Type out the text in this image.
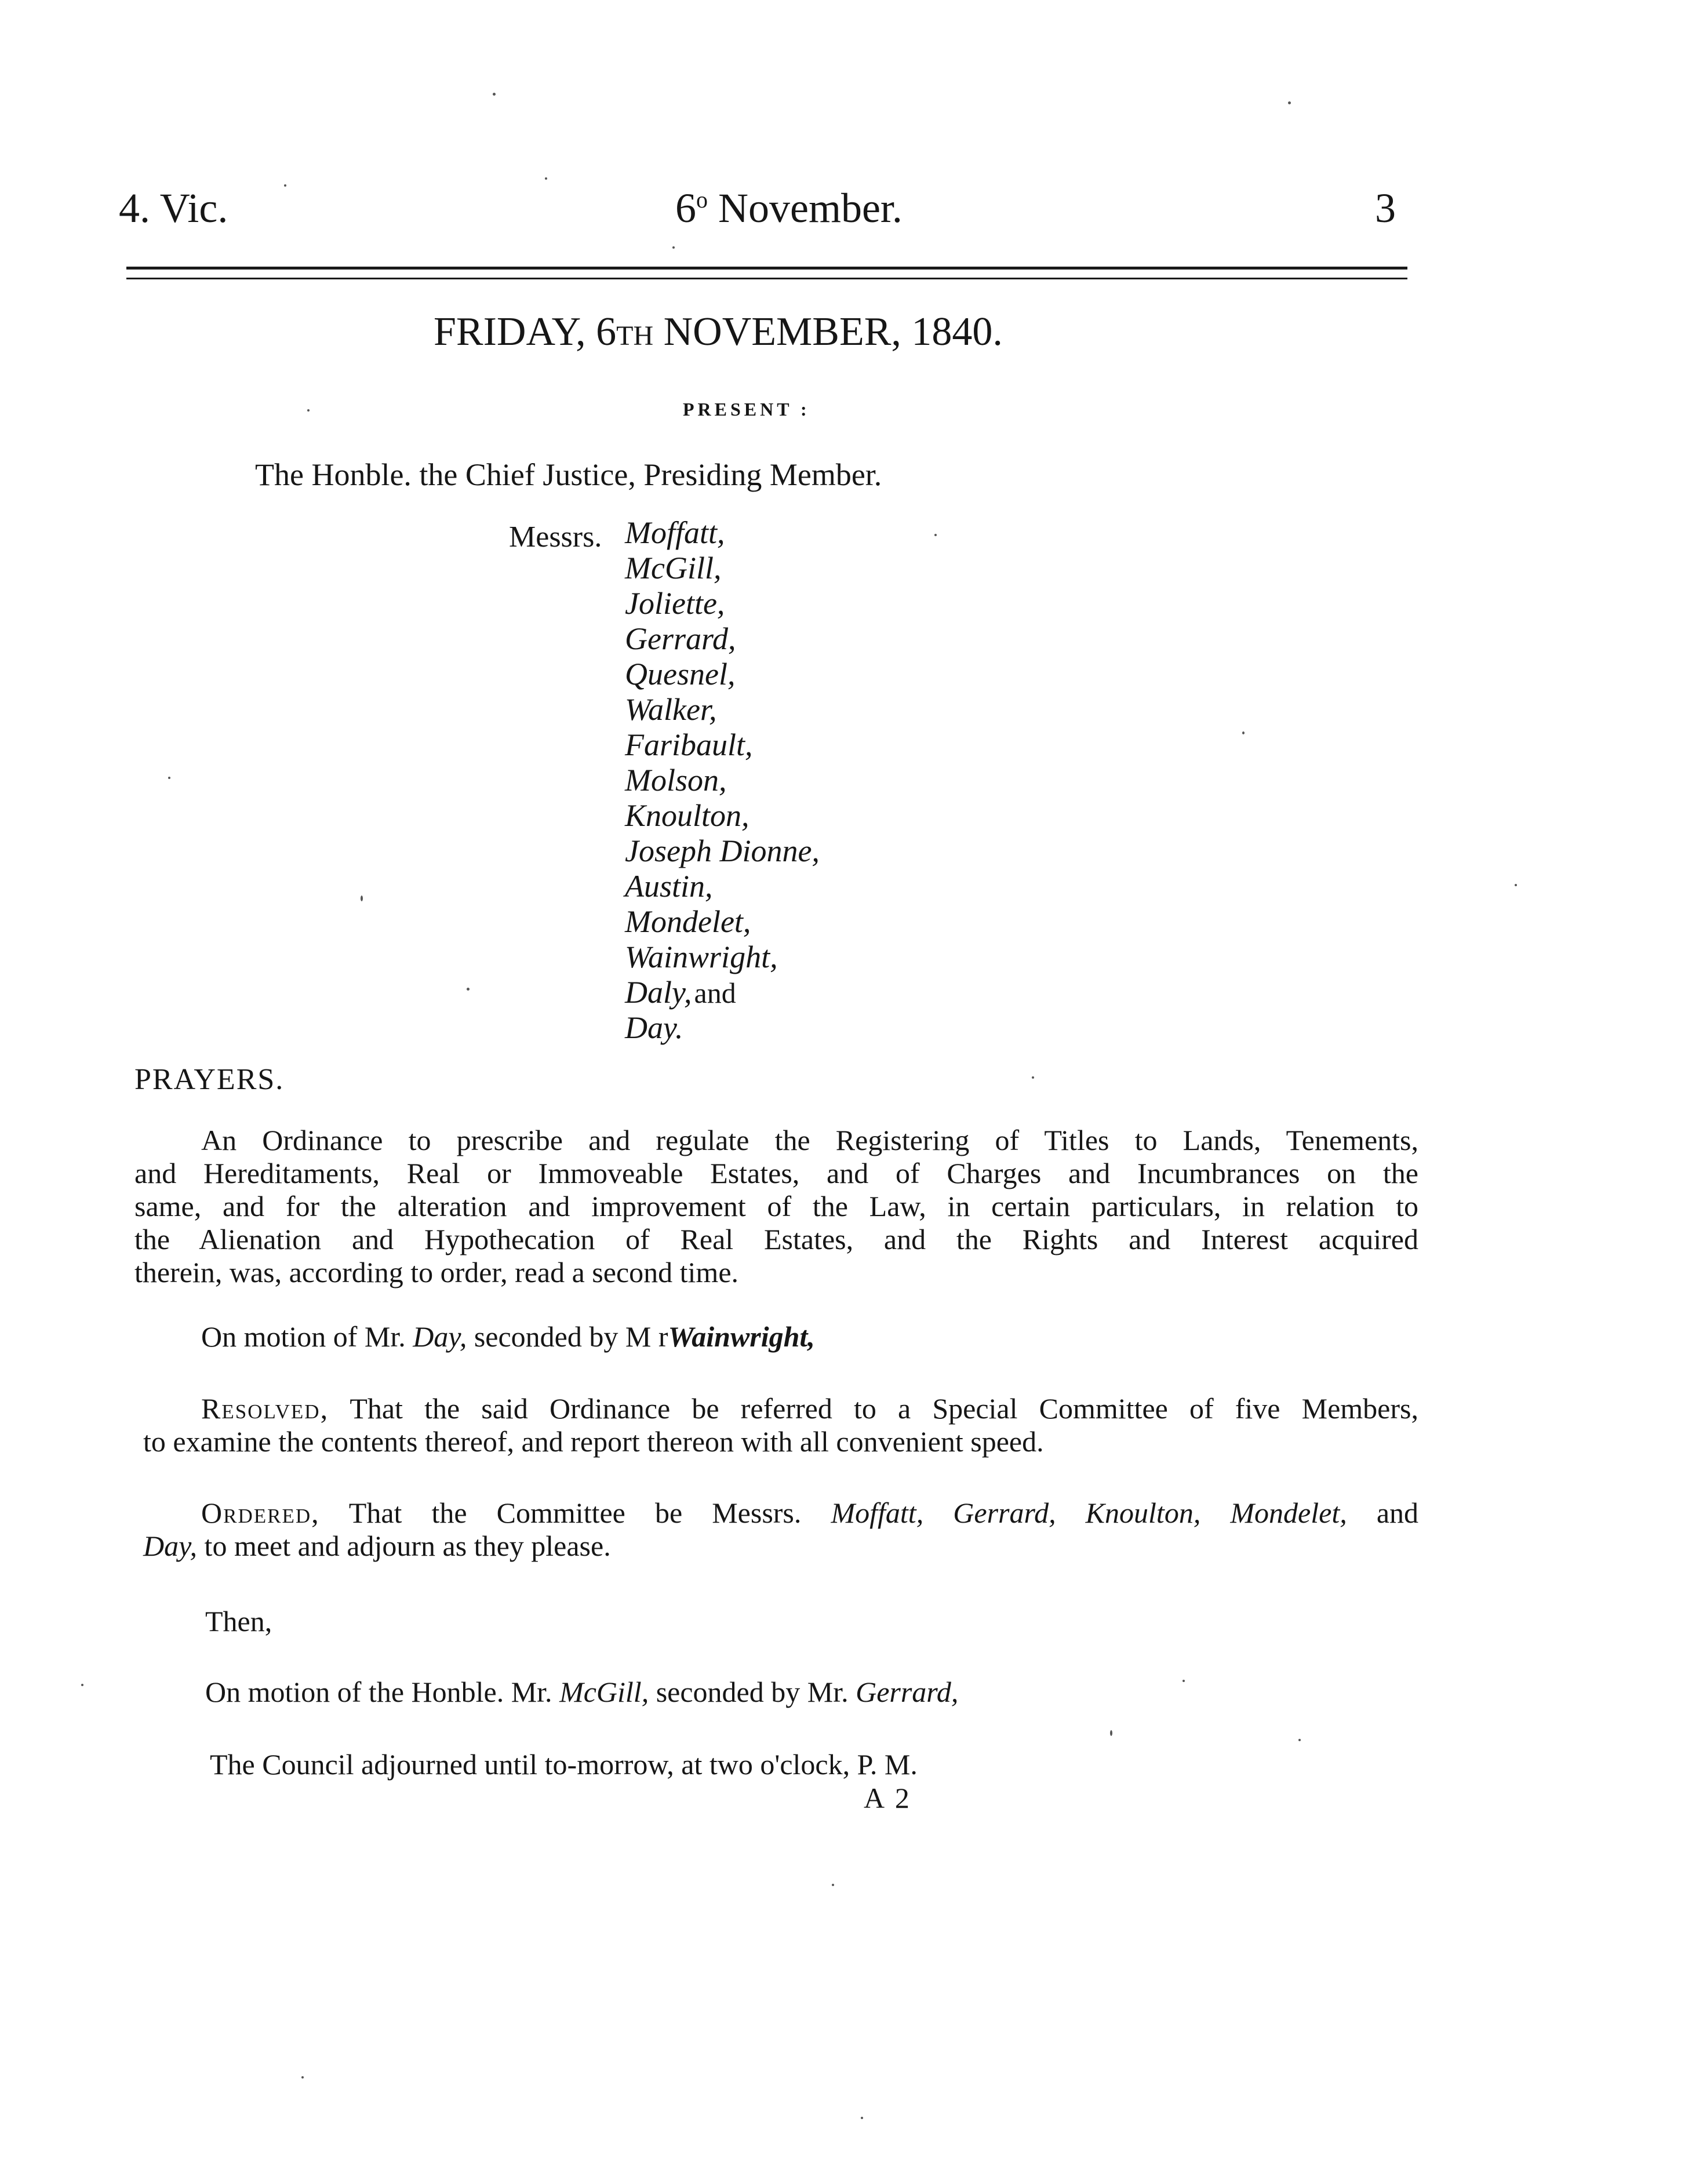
4. Vic.	6$^o$ November.	3
FRIDAY, 6TH NOVEMBER, 1840.
PRESENT :
The Honble. the Chief Justice, Presiding Member.
Messrs. Moffatt,
McGill,
Joliette,
Gerrard,
Quesnel,
Walker,
Faribault,
Molson,
Knoulton,
Joseph Dionne,
Austin,
Mondelet,
Wainwright,
Daly, and
Day.
PRAYERS.
An Ordinance to prescribe and regulate the Registering of Titles to Lands, Tenements,
and Hereditaments, Real or Immoveable Estates, and of Charges and Incumbrances on the
same, and for the alteration and improvement of the Law, in certain particulars, in relation to
the Alienation and Hypothecation of Real Estates, and the Rights and Interest acquired
therein, was, according to order, read a second time.
On motion of Mr. Day, seconded by M rWainwright,
Resolved, That the said Ordinance be referred to a Special Committee of five Members,
to examine the contents thereof, and report thereon with all convenient speed.
Ordered, That the Committee be Messrs. Moffatt, Gerrard, Knoulton, Mondelet, and
Day, to meet and adjourn as they please.
Then,
On motion of the Honble. Mr. McGill, seconded by Mr. Gerrard,
The Council adjourned until to-morrow, at two o'clock, P. M.
A 2
